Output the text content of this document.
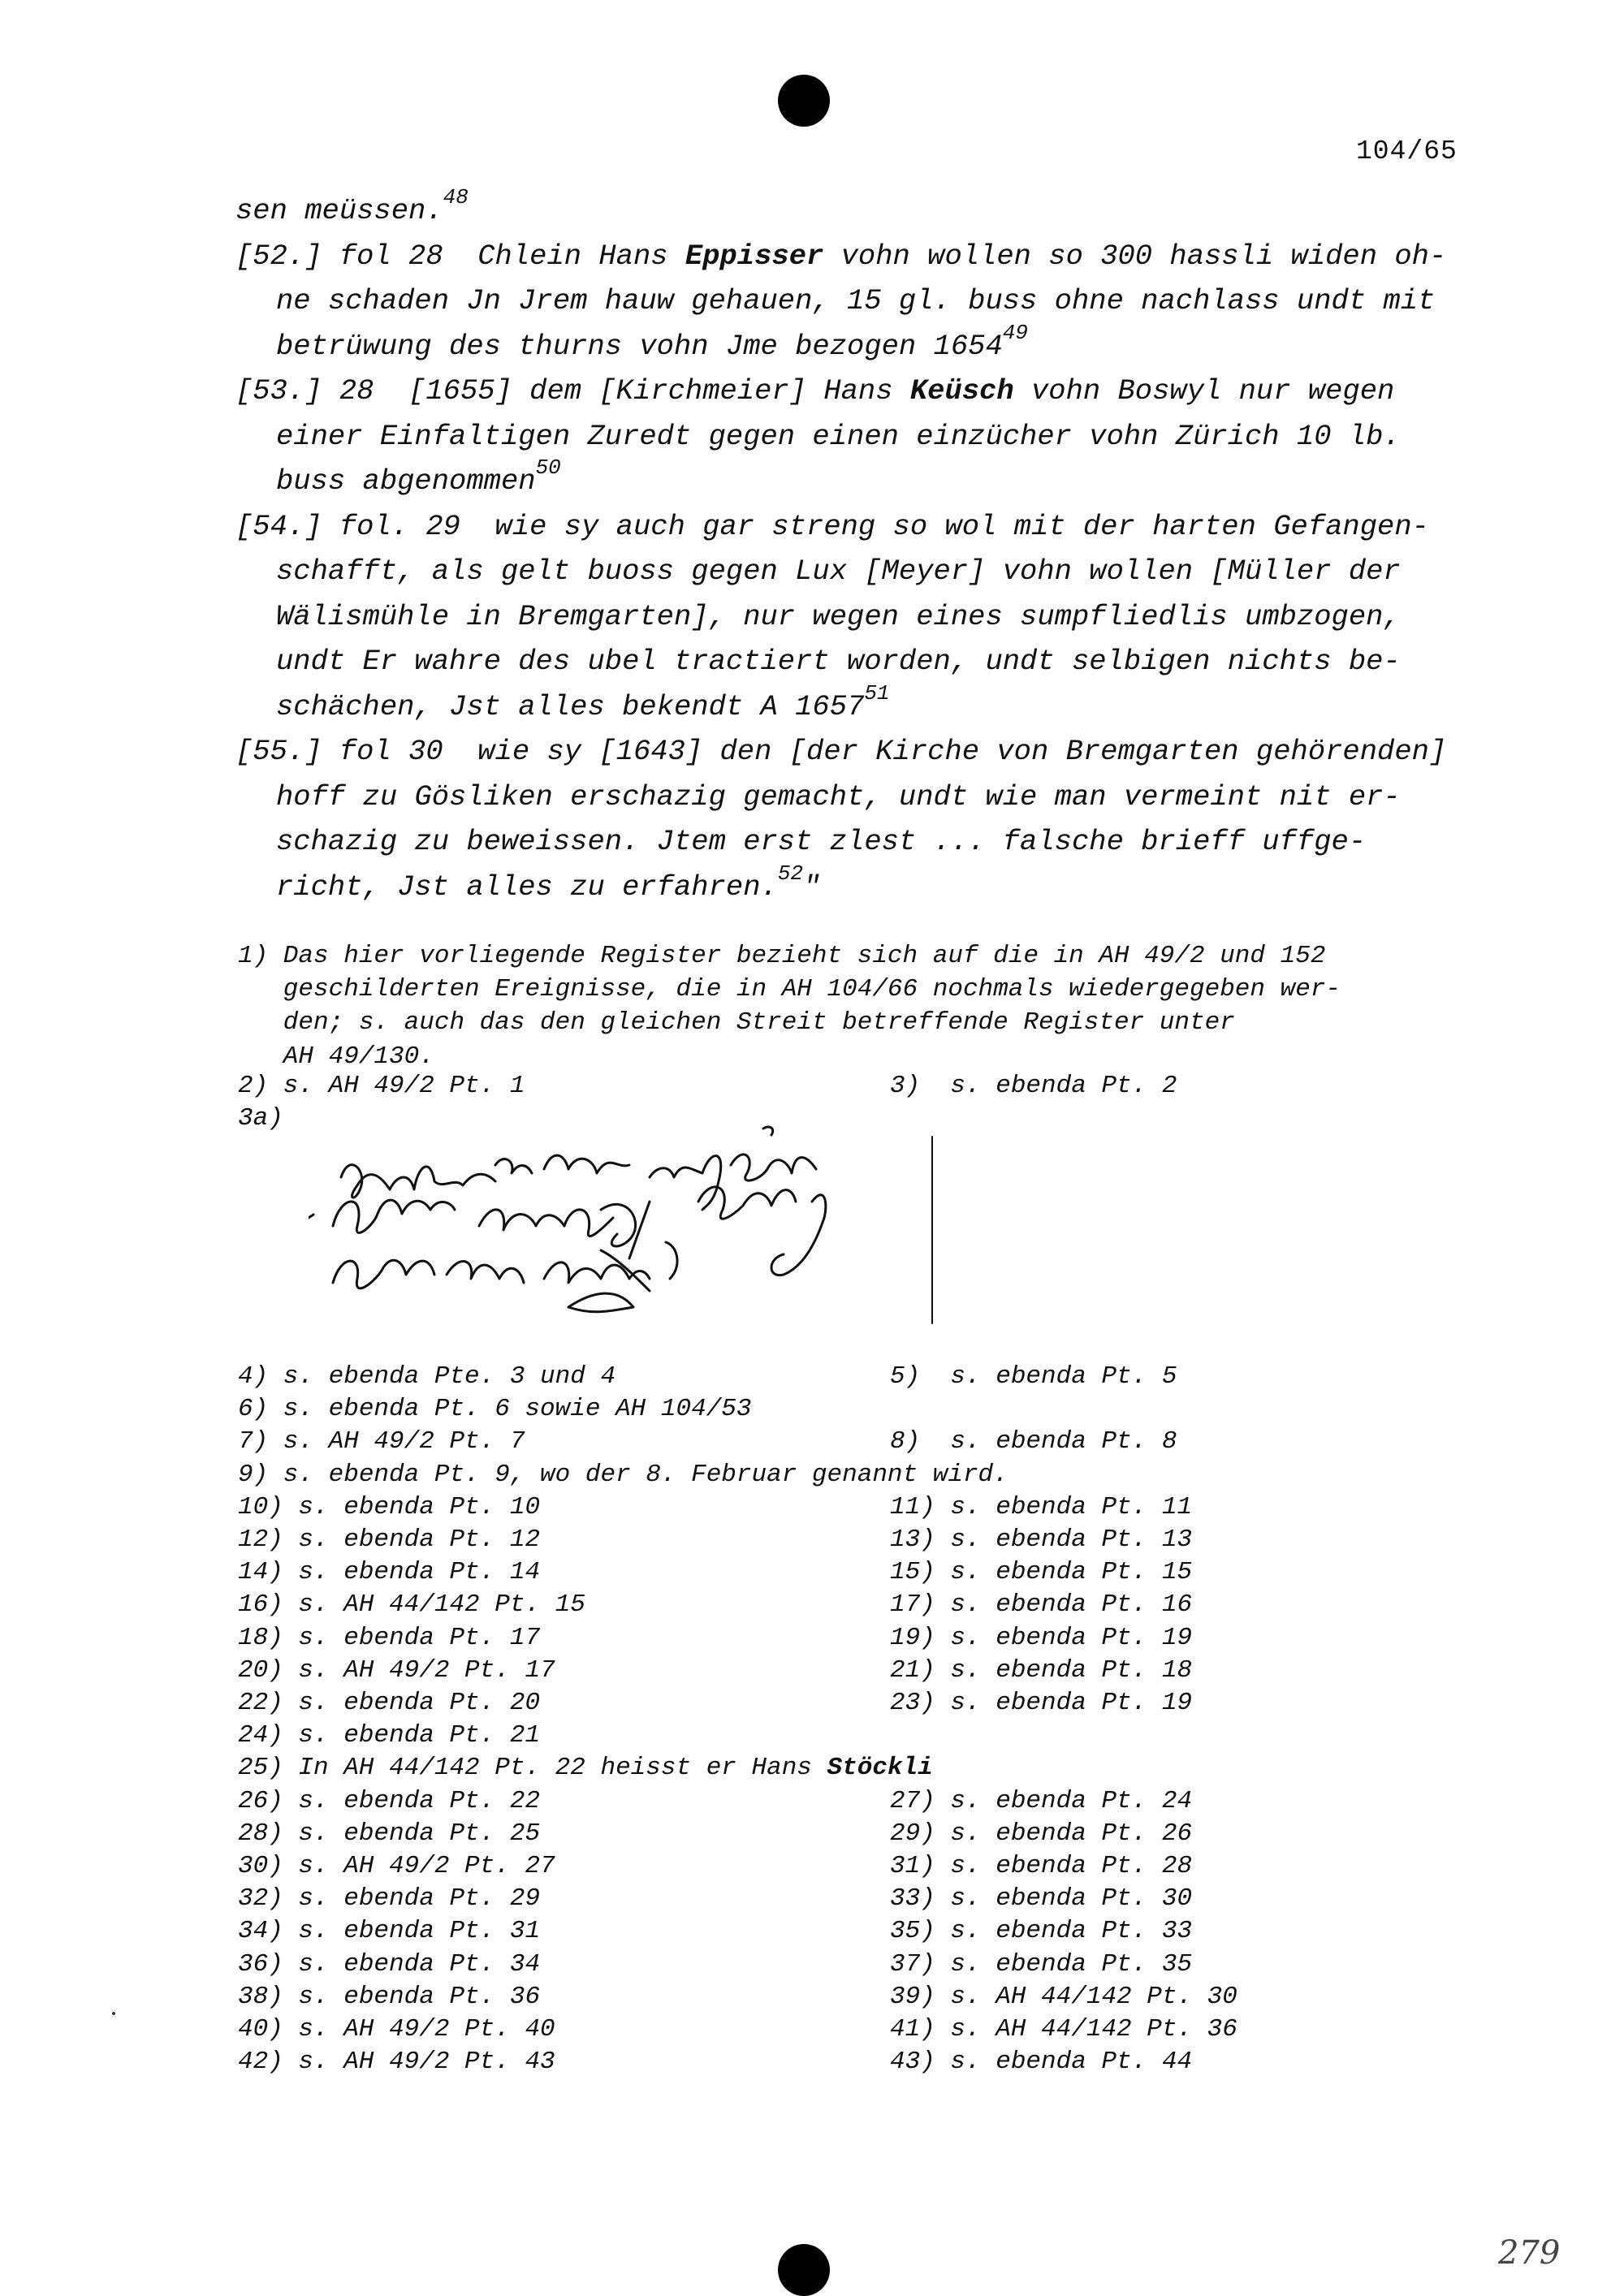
104/65
sen meüssen.$^{48}$
[52.] fol 28  Chlein Hans Eppisser vohn wollen so 300 hassli widen oh-
ne schaden Jn Jrem hauw gehauen, 15 gl. buss ohne nachlass undt mit
betrüwung des thurns vohn Jme bezogen 1654$^{49}$
[53.] 28  [1655] dem [Kirchmeier] Hans Keüsch vohn Boswyl nur wegen
einer Einfaltigen Zuredt gegen einen einzücher vohn Zürich 10 lb.
buss abgenommen$^{50}$
[54.] fol. 29  wie sy auch gar streng so wol mit der harten Gefangen-
schafft, als gelt buoss gegen Lux [Meyer] vohn wollen [Müller der
Wälismühle in Bremgarten], nur wegen eines sumpfliedlis umbzogen,
undt Er wahre des ubel tractiert worden, undt selbigen nichts be-
schächen, Jst alles bekendt A 1657$^{51}$
[55.] fol 30  wie sy [1643] den [der Kirche von Bremgarten gehörenden]
hoff zu Gösliken erschazig gemacht, undt wie man vermeint nit er-
schazig zu beweissen. Jtem erst zlest ... falsche brieff uffge-
richt, Jst alles zu erfahren.$^{52}$"
1) Das hier vorliegende Register bezieht sich auf die in AH 49/2 und 152
geschilderten Ereignisse, die in AH 104/66 nochmals wiedergegeben wer-
den; s. auch das den gleichen Streit betreffende Register unter
AH 49/130.
2) s. AH 49/2 Pt. 1	3)  s. ebenda Pt. 2
3a)
4) s. ebenda Pte. 3 und 4	5)  s. ebenda Pt. 5
6) s. ebenda Pt. 6 sowie AH 104/53
7) s. AH 49/2 Pt. 7	8)  s. ebenda Pt. 8
9) s. ebenda Pt. 9, wo der 8. Februar genannt wird.
10) s. ebenda Pt. 10	11) s. ebenda Pt. 11
12) s. ebenda Pt. 12	13) s. ebenda Pt. 13
14) s. ebenda Pt. 14	15) s. ebenda Pt. 15
16) s. AH 44/142 Pt. 15	17) s. ebenda Pt. 16
18) s. ebenda Pt. 17	19) s. ebenda Pt. 19
20) s. AH 49/2 Pt. 17	21) s. ebenda Pt. 18
22) s. ebenda Pt. 20	23) s. ebenda Pt. 19
24) s. ebenda Pt. 21
25) In AH 44/142 Pt. 22 heisst er Hans Stöckli
26) s. ebenda Pt. 22	27) s. ebenda Pt. 24
28) s. ebenda Pt. 25	29) s. ebenda Pt. 26
30) s. AH 49/2 Pt. 27	31) s. ebenda Pt. 28
32) s. ebenda Pt. 29	33) s. ebenda Pt. 30
34) s. ebenda Pt. 31	35) s. ebenda Pt. 33
36) s. ebenda Pt. 34	37) s. ebenda Pt. 35
38) s. ebenda Pt. 36	39) s. AH 44/142 Pt. 30
40) s. AH 49/2 Pt. 40	41) s. AH 44/142 Pt. 36
42) s. AH 49/2 Pt. 43	43) s. ebenda Pt. 44
279
